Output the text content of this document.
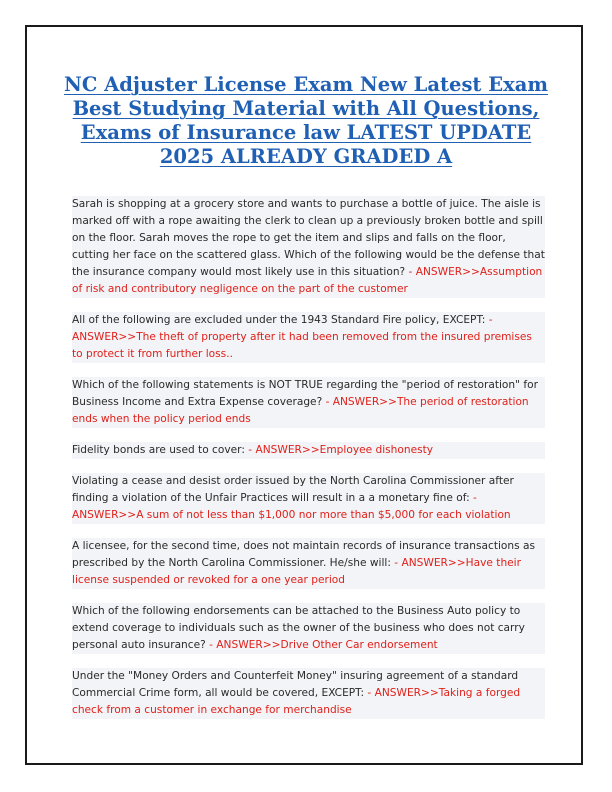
NC Adjuster License Exam New Latest Exam Best Studying Material with All Questions, Exams of Insurance law LATEST UPDATE 2025 ALREADY GRADED A

Sarah is shopping at a grocery store and wants to purchase a bottle of juice. The aisle is marked off with a rope awaiting the clerk to clean up a previously broken bottle and spill on the floor. Sarah moves the rope to get the item and slips and falls on the floor, cutting her face on the scattered glass. Which of the following would be the defense that the insurance company would most likely use in this situation? - ANSWER>>Assumption of risk and contributory negligence on the part of the customer

All of the following are excluded under the 1943 Standard Fire policy, EXCEPT: - ANSWER>>The theft of property after it had been removed from the insured premises to protect it from further loss..

Which of the following statements is NOT TRUE regarding the "period of restoration" for Business Income and Extra Expense coverage? - ANSWER>>The period of restoration ends when the policy period ends

Fidelity bonds are used to cover: - ANSWER>>Employee dishonesty

Violating a cease and desist order issued by the North Carolina Commissioner after finding a violation of the Unfair Practices will result in a a monetary fine of: - ANSWER>>A sum of not less than $1,000 nor more than $5,000 for each violation

A licensee, for the second time, does not maintain records of insurance transactions as prescribed by the North Carolina Commissioner. He/she will: - ANSWER>>Have their license suspended or revoked for a one year period

Which of the following endorsements can be attached to the Business Auto policy to extend coverage to individuals such as the owner of the business who does not carry personal auto insurance? - ANSWER>>Drive Other Car endorsement

Under the "Money Orders and Counterfeit Money" insuring agreement of a standard Commercial Crime form, all would be covered, EXCEPT: - ANSWER>>Taking a forged check from a customer in exchange for merchandise
